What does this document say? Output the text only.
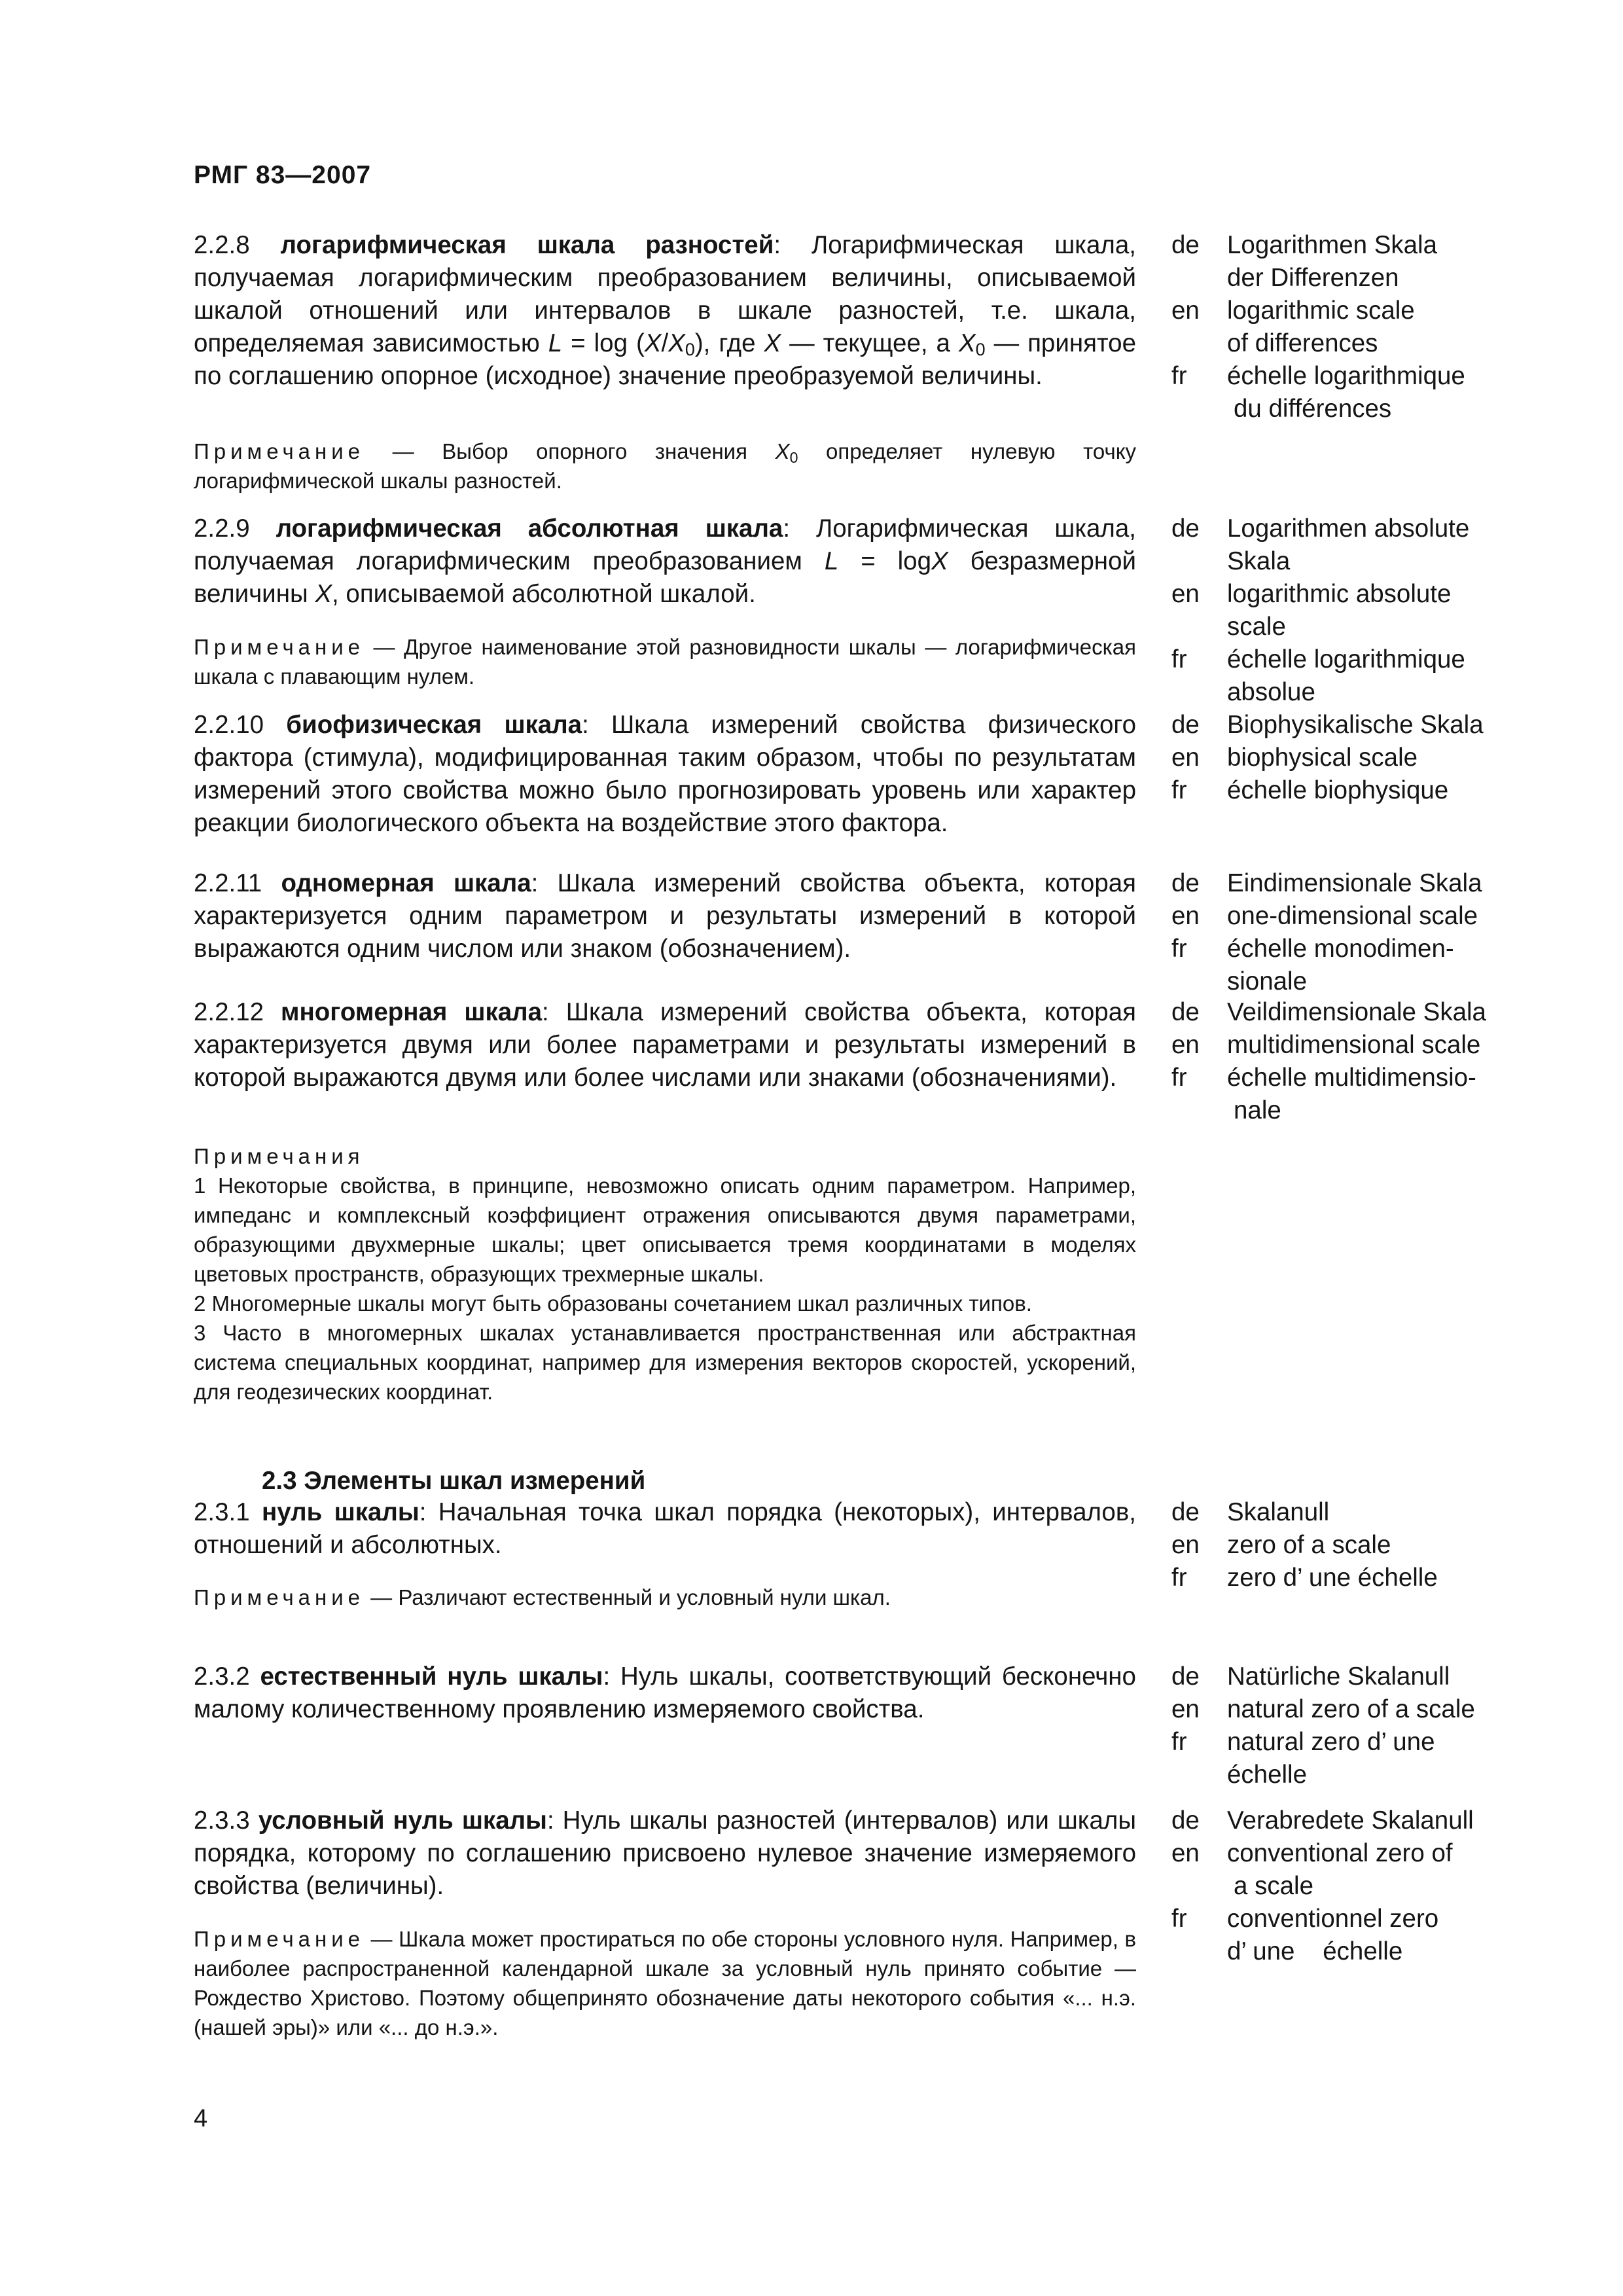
РМГ 83—2007
2.2.8 логарифмическая шкала разностей: Логарифмическая шкала, получаемая логарифмическим преобразованием величины, описываемой шкалой отношений или интервалов в шкале разностей, т.е. шкала, определяемая зависимостью $L = \log (X/X_0)$, где X — текущее, а $X_0$ — принятое по соглашению опорное (исходное) значение преобразуемой величины.
Примечание — Выбор опорного значения $X_0$ определяет нулевую точку логарифмической шкалы разностей.
de	Logarithmen Skala
der Differenzen
en	logarithmic scale
of differences
fr	échelle logarithmique
du différences
2.2.9 логарифмическая абсолютная шкала: Логарифмическая шкала, получаемая логарифмическим преобразованием L = logX безразмерной величины X, описываемой абсолютной шкалой.
Примечание — Другое наименование этой разновидности шкалы — логарифмическая шкала с плавающим нулем.
de	Logarithmen absolute
Skala
en	logarithmic absolute
scale
fr	échelle logarithmique
absolue
2.2.10 биофизическая шкала: Шкала измерений свойства физического фактора (стимула), модифицированная таким образом, чтобы по результатам измерений этого свойства можно было прогнозировать уровень или характер реакции биологического объекта на воздействие этого фактора.
de	Biophysikalische Skala
en	biophysical scale
fr	échelle biophysique
2.2.11 одномерная шкала: Шкала измерений свойства объекта, которая характеризуется одним параметром и результаты измерений в которой выражаются одним числом или знаком (обозначением).
de	Eindimensionale Skala
en	one-dimensional scale
fr	échelle monodimen-
sionale
2.2.12 многомерная шкала: Шкала измерений свойства объекта, которая характеризуется двумя или более параметрами и результаты измерений в которой выражаются двумя или более числами или знаками (обозначениями).

Примечания

1 Некоторые свойства, в принципе, невозможно описать одним параметром. Например, импеданс и комплексный коэффициент отражения описываются двумя параметрами, образующими двухмерные шкалы; цвет описывается тремя координатами в моделях цветовых пространств, образующих трехмерные шкалы.

2 Многомерные шкалы могут быть образованы сочетанием шкал различных типов.

3 Часто в многомерных шкалах устанавливается пространственная или абстрактная система специальных координат, например для измерения векторов скоростей, ускорений, для геодезических координат.

de	Veildimensionale Skala
en	multidimensional scale
fr	échelle multidimensio-
nale
2.3 Элементы шкал измерений
2.3.1 нуль шкалы: Начальная точка шкал порядка (некоторых), интервалов, отношений и абсолютных.
Примечание — Различают естественный и условный нули шкал.
de	Skalanull
en	zero of a scale
fr	zero d’ une échelle
2.3.2 естественный нуль шкалы: Нуль шкалы, соответствующий бесконечно малому количественному проявлению измеряемого свойства.
de	Natürliche Skalanull
en	natural zero of a scale
fr	natural zero d’ une
échelle
2.3.3 условный нуль шкалы: Нуль шкалы разностей (интервалов) или шкалы порядка, которому по соглашению присвоено нулевое значение измеряемого свойства (величины).
Примечание — Шкала может простираться по обе стороны условного нуля. Например, в наиболее распространенной календарной шкале за условный нуль принято событие — Рождество Христово. Поэтому общепринято обозначение даты некоторого события «... н.э. (нашей эры)» или «... до н.э.».
de	Verabredete Skalanull
en	conventional zero of
a scale
fr	conventionnel zero
d’ une    échelle
4
